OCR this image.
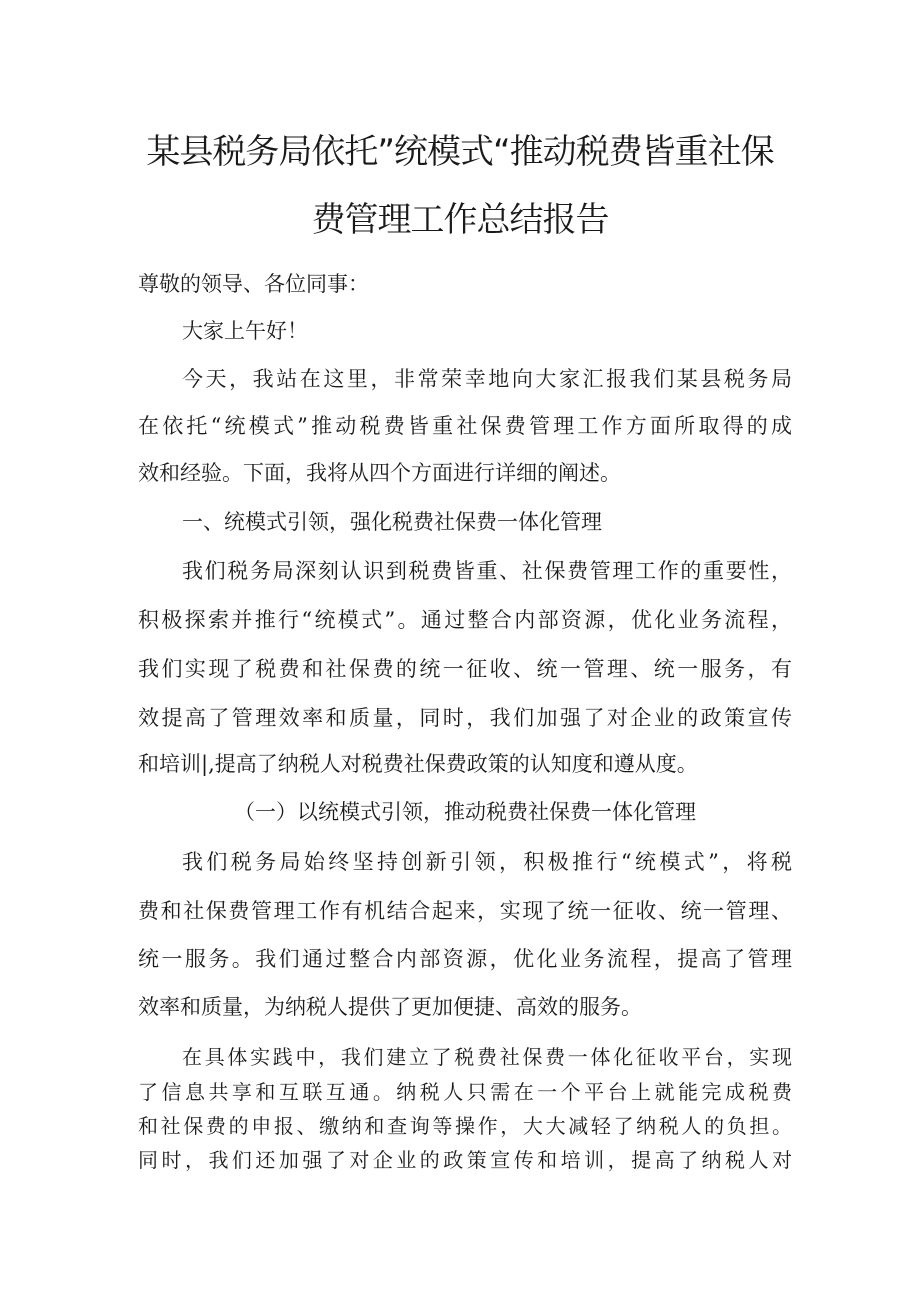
某县税务局依托”统模式“推动税费皆重社保
费管理工作总结报告

尊敬的领导、各位同事：

大家上午好！

今天，我站在这里，非常荣幸地向大家汇报我们某县税务局

在依托“统模式”推动税费皆重社保费管理工作方面所取得的成

效和经验。下面，我将从四个方面进行详细的阐述。

一、统模式引领，强化税费社保费一体化管理

我们税务局深刻认识到税费皆重、社保费管理工作的重要性，

积极探索并推行“统模式”。通过整合内部资源，优化业务流程，

我们实现了税费和社保费的统一征收、统一管理、统一服务，有

效提高了管理效率和质量，同时，我们加强了对企业的政策宣传

和培训|,提高了纳税人对税费社保费政策的认知度和遵从度。

（一）以统模式引领，推动税费社保费一体化管理

我们税务局始终坚持创新引领，积极推行“统模式”，将税

费和社保费管理工作有机结合起来，实现了统一征收、统一管理、

统一服务。我们通过整合内部资源，优化业务流程，提高了管理

效率和质量，为纳税人提供了更加便捷、高效的服务。

在具体实践中，我们建立了税费社保费一体化征收平台，实现

了信息共享和互联互通。纳税人只需在一个平台上就能完成税费

和社保费的申报、缴纳和查询等操作，大大减轻了纳税人的负担。

同时，我们还加强了对企业的政策宣传和培训，提高了纳税人对
